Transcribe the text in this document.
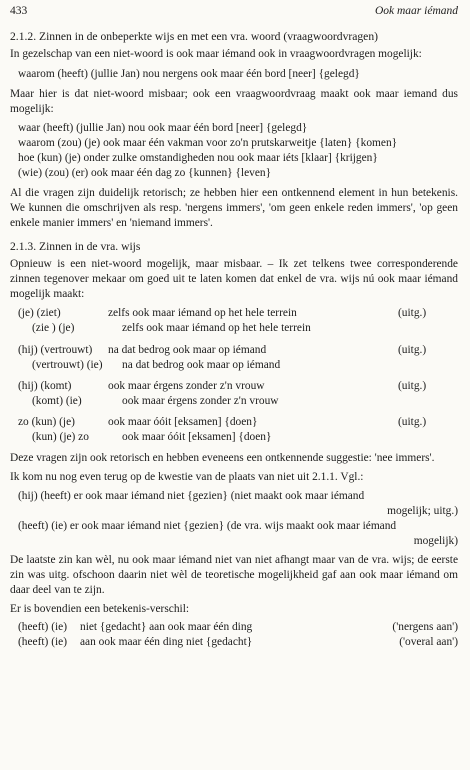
433	Ook maar iémand
2.1.2. Zinnen in de onbeperkte wijs en met een vra. woord (vraagwoordvragen)

In gezelschap van een niet-woord is ook maar iémand ook in vraagwoordvragen mogelijk:

waarom (heeft) (jullie Jan) nou nergens ook maar één bord [neer] {gelegd}

Maar hier is dat niet-woord misbaar; ook een vraagwoordvraag maakt ook maar iemand dus mogelijk:

waar (heeft) (jullie Jan) nou ook maar één bord [neer] {gelegd}
waarom (zou) (je) ook maar één vakman voor zo'n prutskarweitje {laten} {komen}
hoe (kun) (je) onder zulke omstandigheden nou ook maar iéts [klaar] {krijgen}
(wie) (zou) (er) ook maar één dag zo {kunnen} {leven}

Al die vragen zijn duidelijk retorisch; ze hebben hier een ontkennend element in hun betekenis. We kunnen die omschrijven als resp. 'nergens immers', 'om geen enkele reden immers', 'op geen enkele manier immers' en 'niemand immers'.

2.1.3. Zinnen in de vra. wijs

Opnieuw is een niet-woord mogelijk, maar misbaar. – Ik zet telkens twee corresponderende zinnen tegenover mekaar om goed uit te laten komen dat enkel de vra. wijs nú ook maar iémand mogelijk maakt:

(je) (ziet)	zelfs ook maar iémand op het hele terrein	(uitg.)
(zie ) (je)	zelfs ook maar iémand op het hele terrein
(hij) (vertrouwt)	na dat bedrog ook maar op iémand	(uitg.)
(vertrouwt) (ie)	na dat bedrog ook maar op iémand
(hij) (komt)	ook maar érgens zonder z'n vrouw	(uitg.)
(komt) (ie)	ook maar érgens zonder z'n vrouw
zo (kun) (je)	ook maar óóit [eksamen] {doen}	(uitg.)
(kun) (je) zo	ook maar óóit [eksamen] {doen}

Deze vragen zijn ook retorisch en hebben eveneens een ontkennende suggestie: 'nee immers'.

Ik kom nu nog even terug op de kwestie van de plaats van niet uit 2.1.1. Vgl.:

(hij) (heeft) er ook maar iémand niet {gezien} (niet maakt ook maar iémand
mogelijk; uitg.)
(heeft) (ie) er ook maar iémand niet {gezien} (de vra. wijs maakt ook maar iémand
mogelijk)

De laatste zin kan wèl, nu ook maar iémand niet van niet afhangt maar van de vra. wijs; de eerste zin was uitg. ofschoon daarin niet wèl de teoretische mogelijkheid gaf aan ook maar iémand om daar deel van te zijn.

Er is bovendien een betekenis-verschil:

(heeft) (ie)	niet {gedacht} aan ook maar één ding	('nergens aan')
(heeft) (ie)	aan ook maar één ding niet {gedacht}	('overal aan')
